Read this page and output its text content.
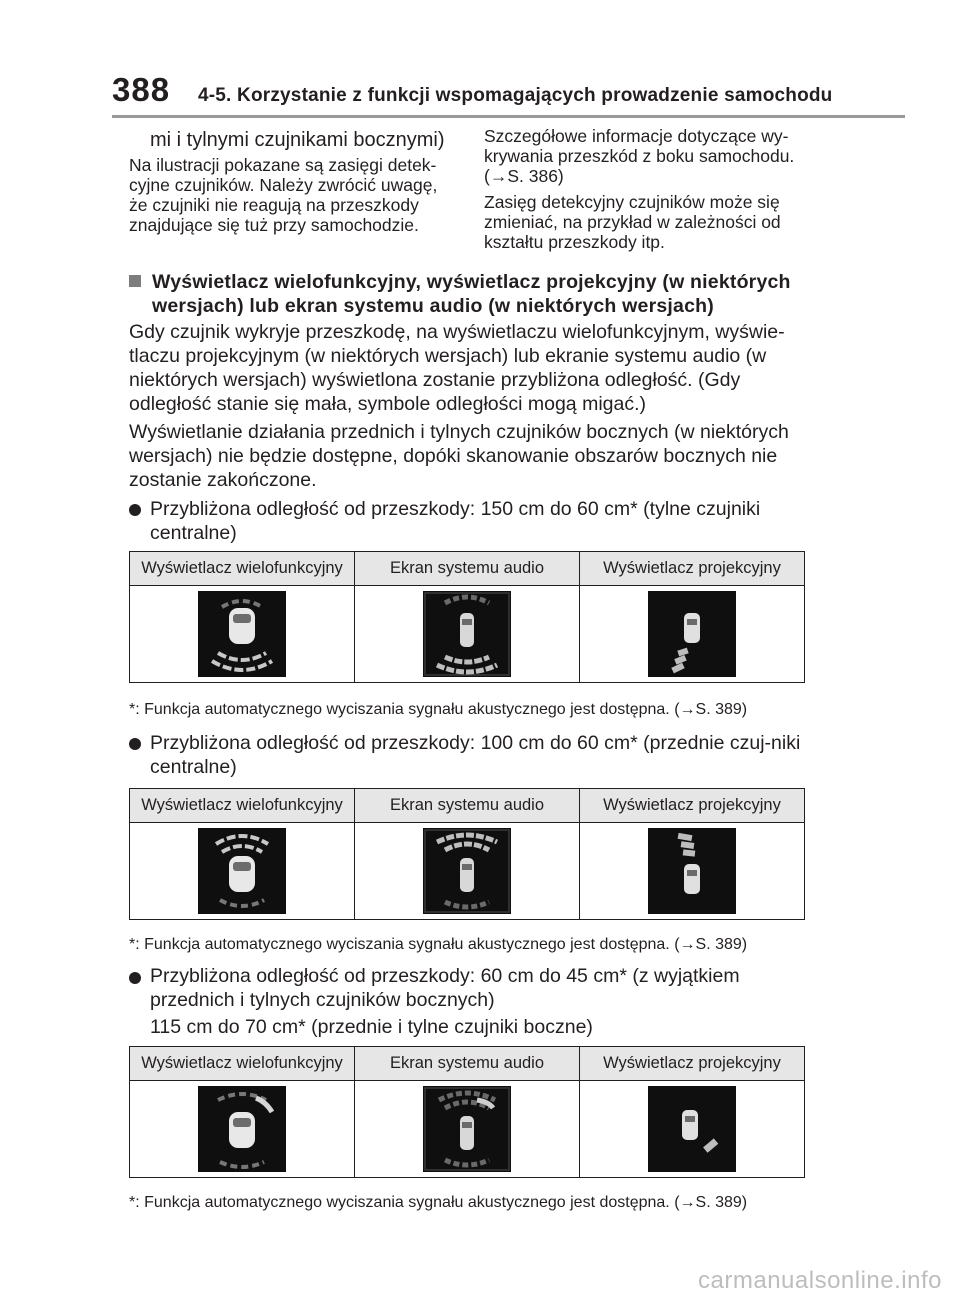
388 4-5. Korzystanie z funkcji wspomagających prowadzenie samochodu
mi i tylnymi czujnikami bocznymi)
Na ilustracji pokazane są zasięgi detek-cyjne czujników. Należy zwrócić uwagę, że czujniki nie reagują na przeszkody znajdujące się tuż przy samochodzie.

Szczegółowe informacje dotyczące wy-krywania przeszkód z boku samochodu. (→S. 386)

Zasięg detekcyjny czujników może się zmieniać, na przykład w zależności od kształtu przeszkody itp.

Wyświetlacz wielofunkcyjny, wyświetlacz projekcyjny (w niektórych wersjach) lub ekran systemu audio (w niektórych wersjach)
Gdy czujnik wykryje przeszkodę, na wyświetlaczu wielofunkcyjnym, wyświe-tlaczu projekcyjnym (w niektórych wersjach) lub ekranie systemu audio (w niektórych wersjach) wyświetlona zostanie przybliżona odległość. (Gdy odległość stanie się mała, symbole odległości mogą migać.)
Wyświetlanie działania przednich i tylnych czujników bocznych (w niektórych wersjach) nie będzie dostępne, dopóki skanowanie obszarów bocznych nie zostanie zakończone.
Przybliżona odległość od przeszkody: 150 cm do 60 cm* (tylne czujniki centralne)
Wyświetlacz wielofunkcyjny	Ekran systemu audio	Wyświetlacz projekcyjny

*: Funkcja automatycznego wyciszania sygnału akustycznego jest dostępna. (→S. 389)
Przybliżona odległość od przeszkody: 100 cm do 60 cm* (przednie czuj-niki centralne)
Wyświetlacz wielofunkcyjny	Ekran systemu audio	Wyświetlacz projekcyjny

*: Funkcja automatycznego wyciszania sygnału akustycznego jest dostępna. (→S. 389)
Przybliżona odległość od przeszkody: 60 cm do 45 cm* (z wyjątkiem przednich i tylnych czujników bocznych)
115 cm do 70 cm* (przednie i tylne czujniki boczne)
Wyświetlacz wielofunkcyjny	Ekran systemu audio	Wyświetlacz projekcyjny

*: Funkcja automatycznego wyciszania sygnału akustycznego jest dostępna. (→S. 389)
carmanualsonline.info
